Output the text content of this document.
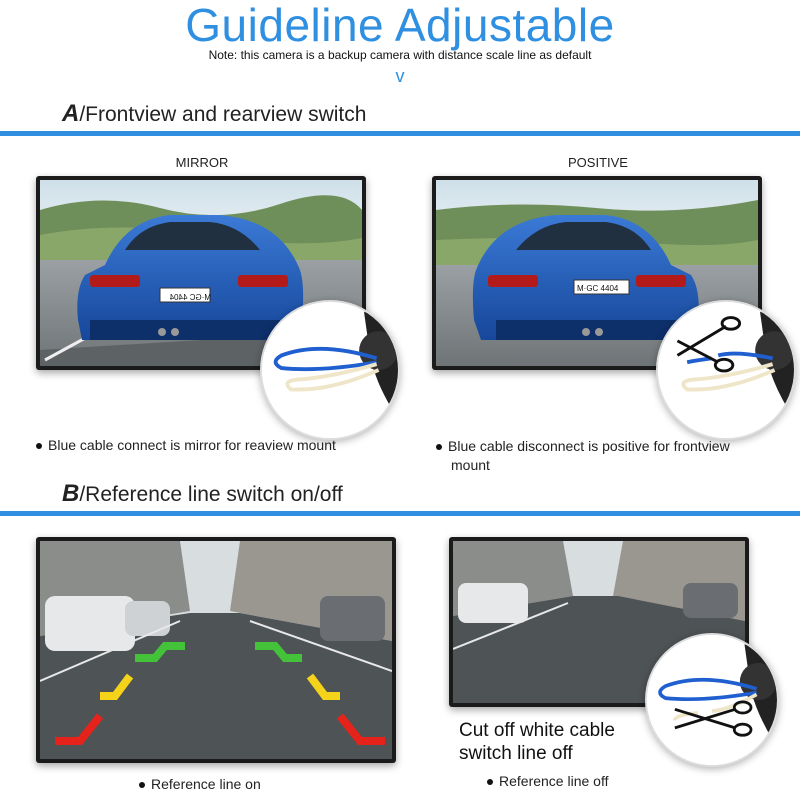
Guideline Adjustable
Note: this camera is a backup camera with distance scale line as default
v
A/Frontview and rearview switch
MIRROR	POSITIVE
M·GC 4404
M·GC 4404
Blue cable connect is mirror for reaview mount	Blue cable disconnect is positive for frontview
mount
B/Reference line switch on/off
Cut off white cable
switch line off
Reference line on	Reference line off
